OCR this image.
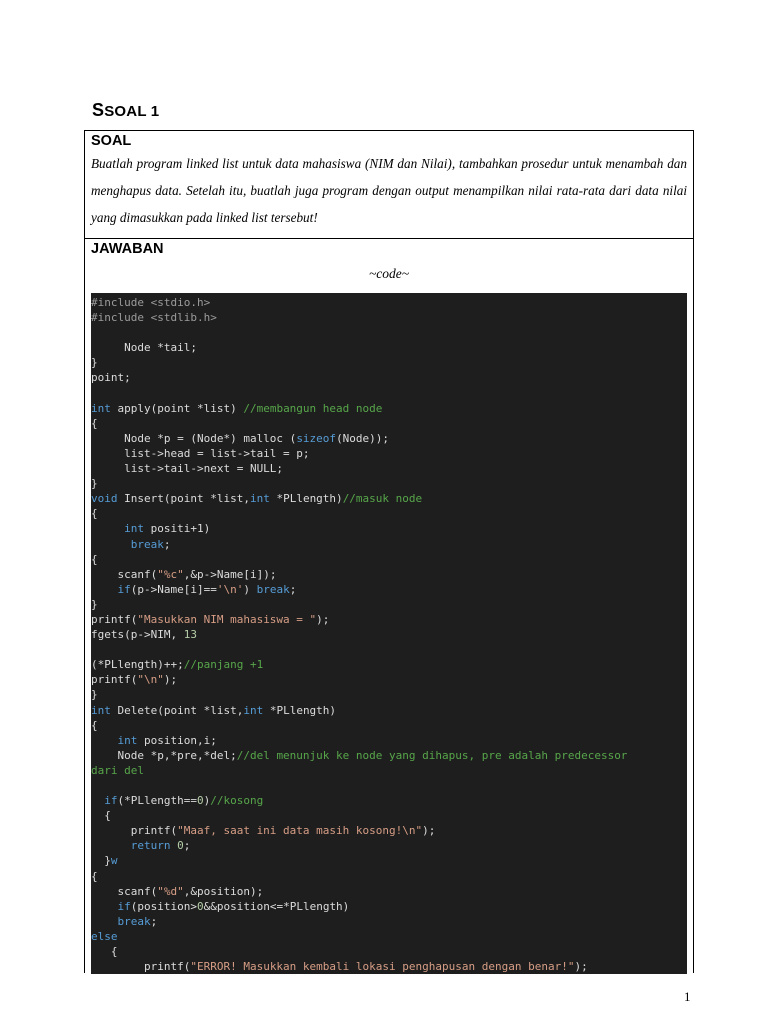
SSOAL 1
SOAL

Buatlah program linked list untuk data mahasiswa (NIM dan Nilai), tambahkan prosedur untuk menambah dan menghapus data. Setelah itu, buatlah juga program dengan output menampilkan nilai rata-rata dari data nilai yang dimasukkan pada linked list tersebut!

JAWABAN
~code~
#include <stdio.h>
#include <stdlib.h>
Node *tail;
}
point;
int apply(point *list) //membangun head node
{
Node *p = (Node*) malloc (sizeof(Node));
list->head = list->tail = p;
list->tail->next = NULL;
}
void Insert(point *list,int *PLlength)//masuk node
{
int positi+1)
break;
{
scanf("%c",&p->Name[i]);
if(p->Name[i]=='\n') break;
}
printf("Masukkan NIM mahasiswa = ");
fgets(p->NIM, 13
(*PLlength)++;//panjang +1
printf("\n");
}
int Delete(point *list,int *PLlength)
{
int position,i;
Node *p,*pre,*del;//del menunjuk ke node yang dihapus, pre adalah predecessor
dari del
if(*PLlength==0)//kosong
{
printf("Maaf, saat ini data masih kosong!\n");
return 0;
}w
{
scanf("%d",&position);
if(position>0&&position<=*PLlength)
break;
else
{
printf("ERROR! Masukkan kembali lokasi penghapusan dengan benar!");
1
